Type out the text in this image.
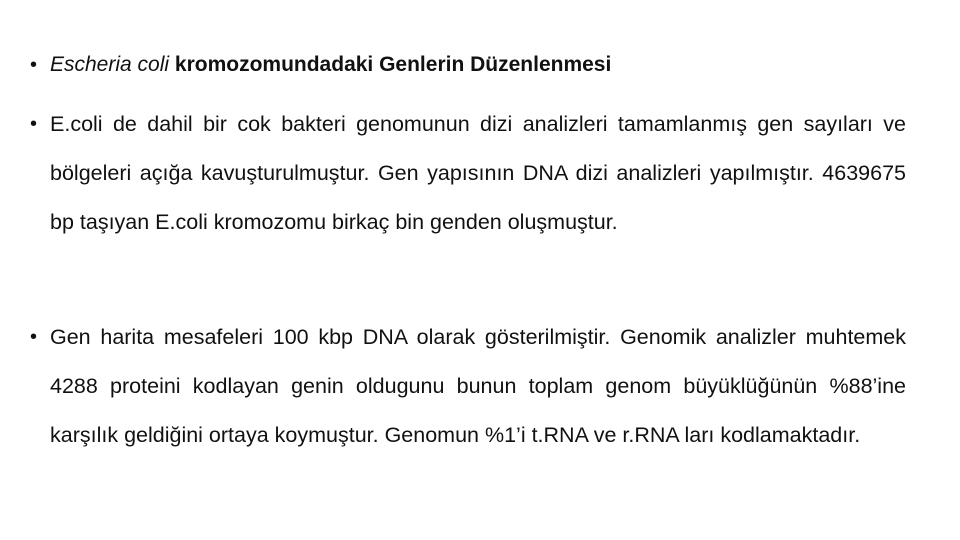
• Escheria coli kromozomundadaki Genlerin Düzenlenmesi
• E.coli de dahil bir cok bakteri genomunun dizi analizleri tamamlanmış gen sayıları ve bölgeleri açığa kavuşturulmuştur. Gen yapısının DNA dizi analizleri yapılmıştır. 4639675 bp taşıyan E.coli kromozomu birkaç bin genden oluşmuştur.
• Gen harita mesafeleri 100 kbp DNA olarak gösterilmiştir. Genomik analizler muhtemek 4288 proteini kodlayan genin oldugunu bunun toplam genom büyüklüğünün %88’ine karşılık geldiğini ortaya koymuştur. Genomun %1’i t.RNA ve r.RNA ları kodlamaktadır.
